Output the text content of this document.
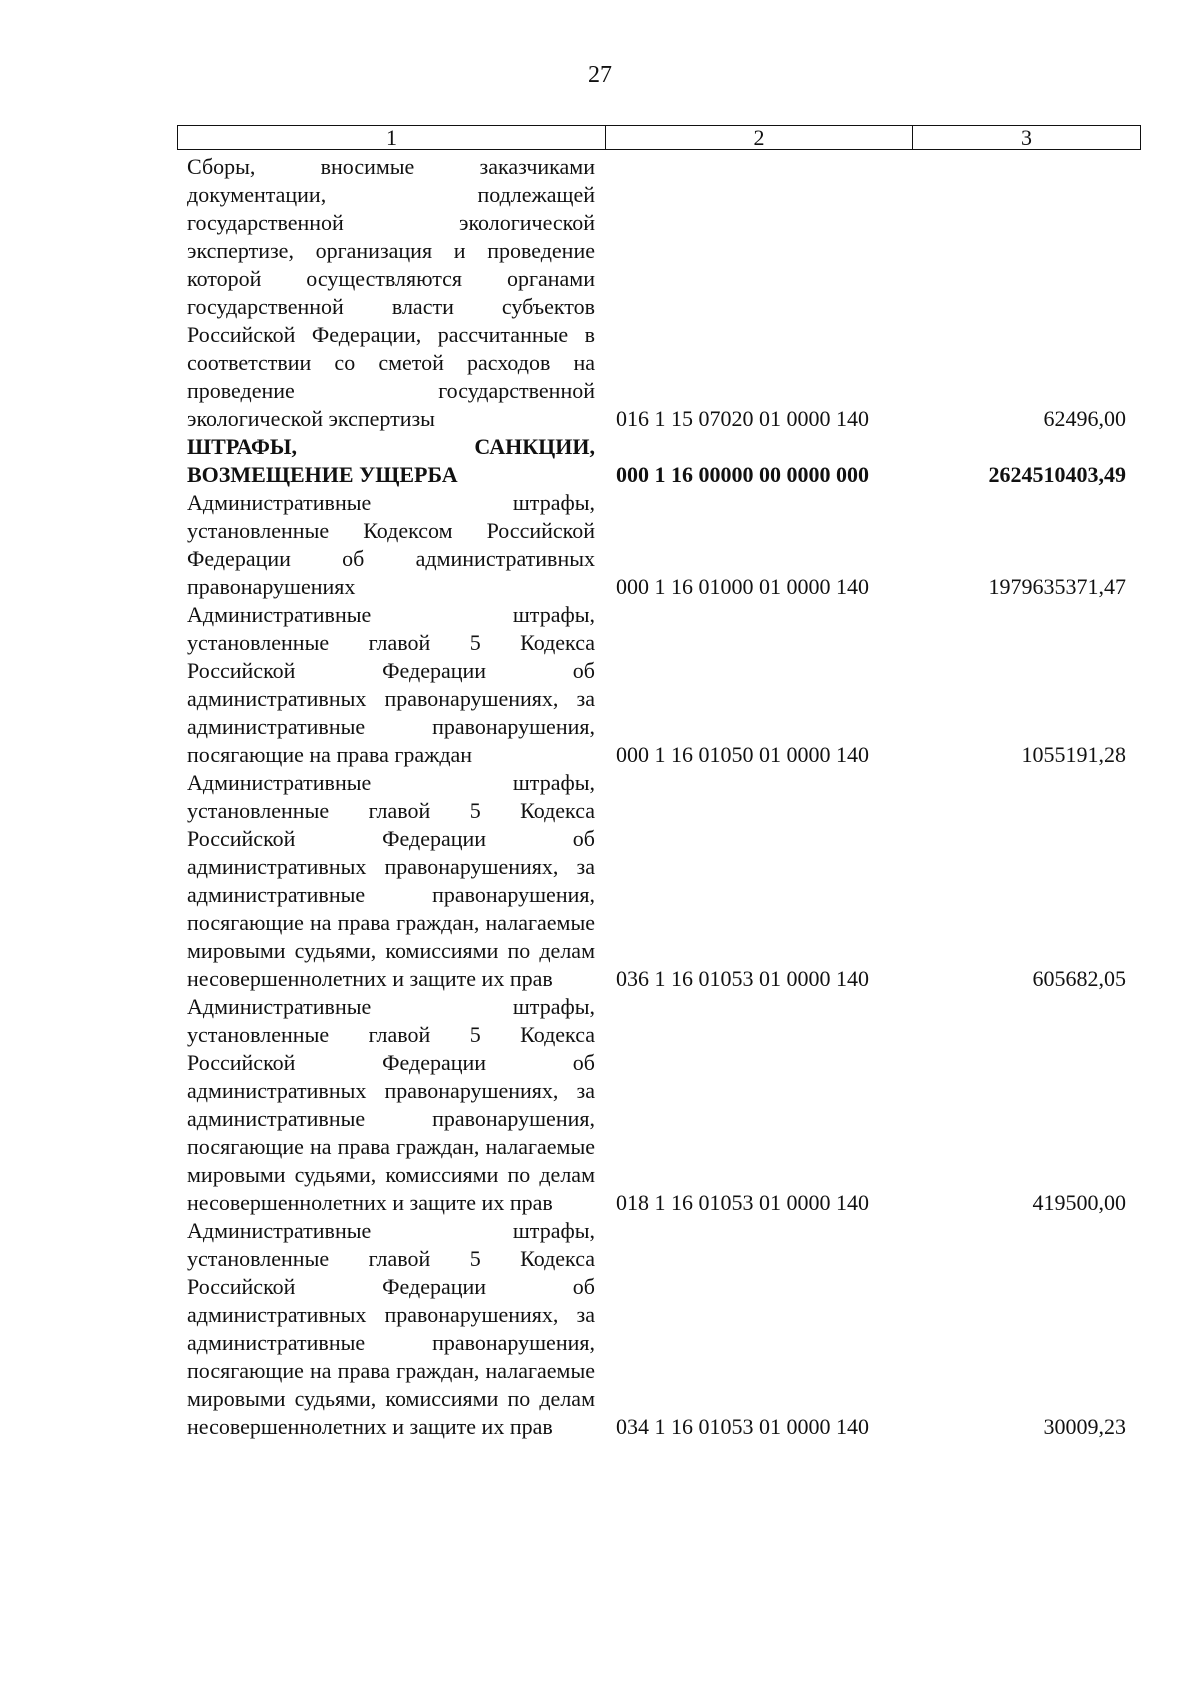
27
1	2	3
Сборы, вносимые заказчиками документации, подлежащей государственной экологической экспертизе, организация и проведение которой осуществляются органами государственной власти субъектов Российской Федерации, рассчитанные в соответствии со сметой расходов на проведение государственной экологической экспертизы	016 1 15 07020 01 0000 140	62496,00
ШТРАФЫ, САНКЦИИ, ВОЗМЕЩЕНИЕ УЩЕРБА	000 1 16 00000 00 0000 000	2624510403,49
Административные штрафы, установленные Кодексом Российской Федерации об административных правонарушениях	000 1 16 01000 01 0000 140	1979635371,47
Административные штрафы, установленные главой 5 Кодекса Российской Федерации об административных правонарушениях, за административные правонарушения, посягающие на права граждан	000 1 16 01050 01 0000 140	1055191,28
Административные штрафы, установленные главой 5 Кодекса Российской Федерации об административных правонарушениях, за административные правонарушения, посягающие на права граждан, налагаемые мировыми судьями, комиссиями по делам несовершеннолетних и защите их прав	036 1 16 01053 01 0000 140	605682,05
Административные штрафы, установленные главой 5 Кодекса Российской Федерации об административных правонарушениях, за административные правонарушения, посягающие на права граждан, налагаемые мировыми судьями, комиссиями по делам несовершеннолетних и защите их прав	018 1 16 01053 01 0000 140	419500,00
Административные штрафы, установленные главой 5 Кодекса Российской Федерации об административных правонарушениях, за административные правонарушения, посягающие на права граждан, налагаемые мировыми судьями, комиссиями по делам несовершеннолетних и защите их прав	034 1 16 01053 01 0000 140	30009,23
